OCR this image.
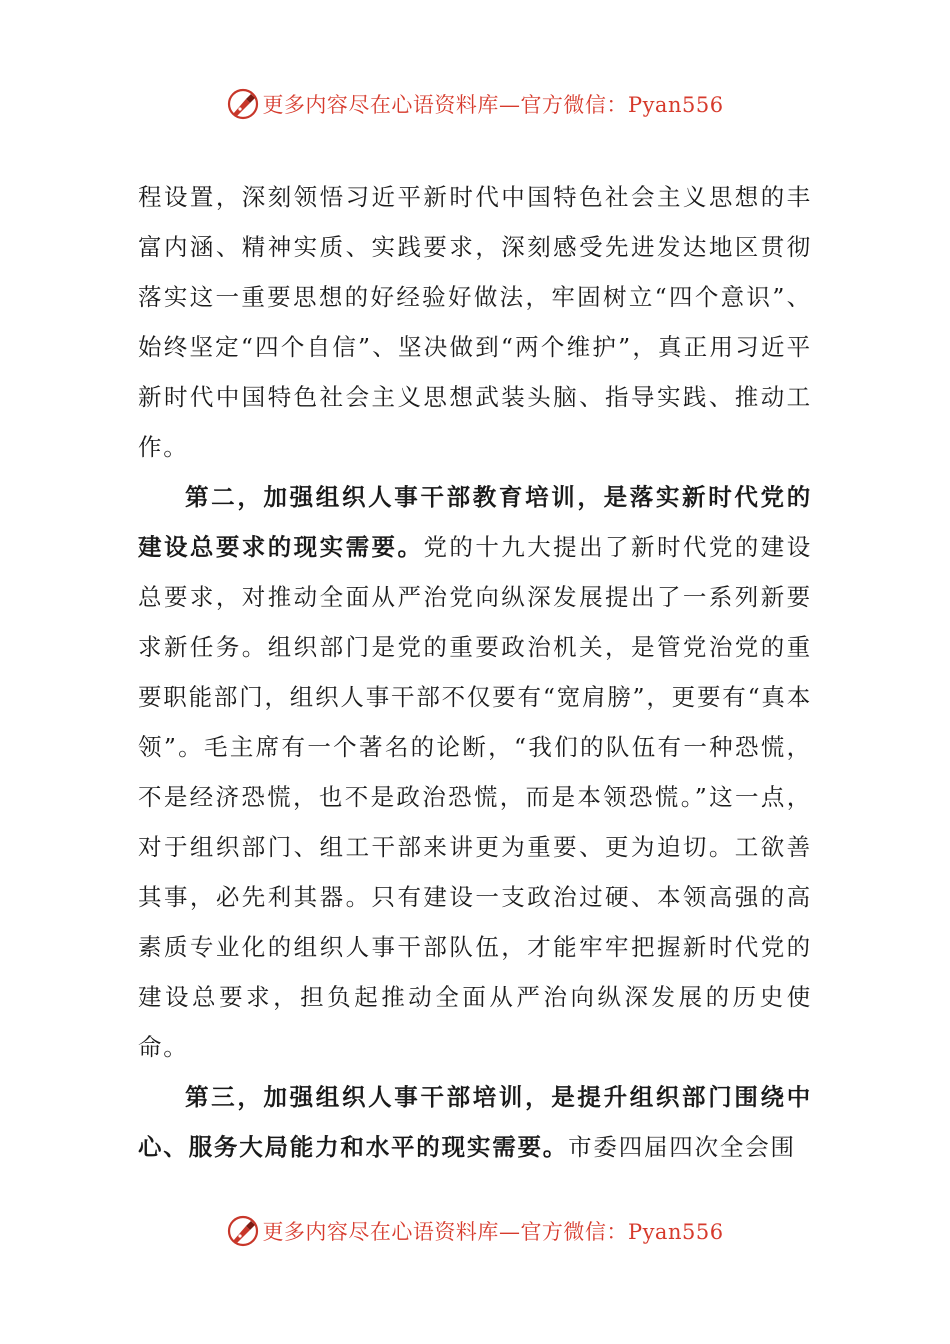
更多内容尽在心语资料库—官方微信：Pyan556

程设置，深刻领悟习近平新时代中国特色社会主义思想的丰富内涵、精神实质、实践要求，深刻感受先进发达地区贯彻落实这一重要思想的好经验好做法，牢固树立“四个意识”、始终坚定“四个自信”、坚决做到“两个维护”，真正用习近平新时代中国特色社会主义思想武装头脑、指导实践、推动工作。

第二，加强组织人事干部教育培训，是落实新时代党的建设总要求的现实需要。党的十九大提出了新时代党的建设总要求，对推动全面从严治党向纵深发展提出了一系列新要求新任务。组织部门是党的重要政治机关，是管党治党的重要职能部门，组织人事干部不仅要有“宽肩膀”，更要有“真本领”。毛主席有一个著名的论断，“我们的队伍有一种恐慌，不是经济恐慌，也不是政治恐慌，而是本领恐慌。”这一点，对于组织部门、组工干部来讲更为重要、更为迫切。工欲善其事，必先利其器。只有建设一支政治过硬、本领高强的高素质专业化的组织人事干部队伍，才能牢牢把握新时代党的建设总要求，担负起推动全面从严治向纵深发展的历史使命。

第三，加强组织人事干部培训，是提升组织部门围绕中心、服务大局能力和水平的现实需要。市委四届四次全会围

更多内容尽在心语资料库—官方微信：Pyan556
